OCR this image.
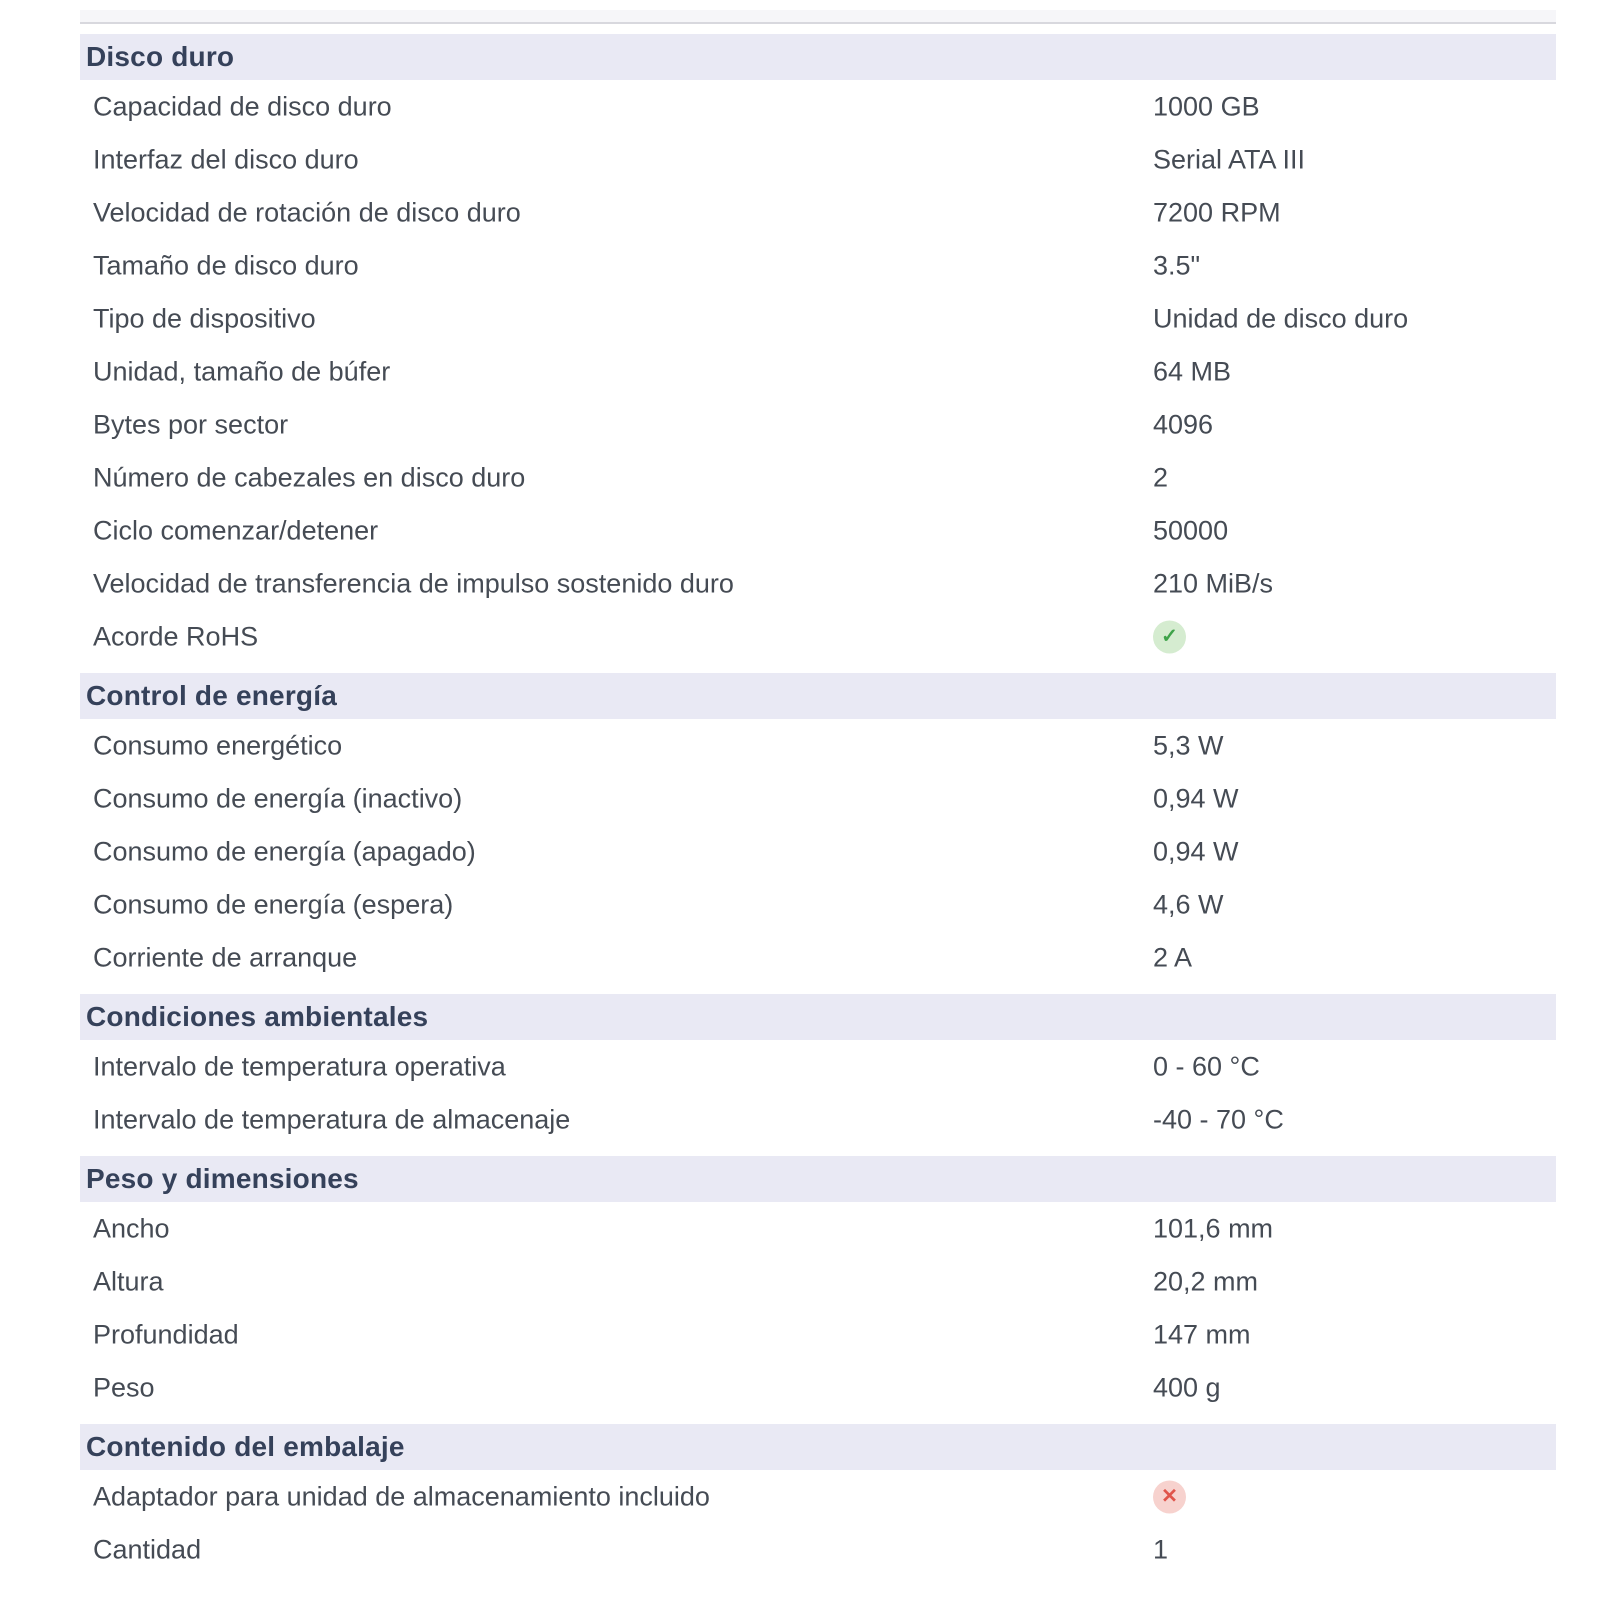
Disco duro
Capacidad de disco duro	1000 GB
Interfaz del disco duro	Serial ATA III
Velocidad de rotación de disco duro	7200 RPM
Tamaño de disco duro	3.5"
Tipo de dispositivo	Unidad de disco duro
Unidad, tamaño de búfer	64 MB
Bytes por sector	4096
Número de cabezales en disco duro	2
Ciclo comenzar/detener	50000
Velocidad de transferencia de impulso sostenido duro	210 MiB/s
Acorde RoHS	✓
Control de energía
Consumo energético	5,3 W
Consumo de energía (inactivo)	0,94 W
Consumo de energía (apagado)	0,94 W
Consumo de energía (espera)	4,6 W
Corriente de arranque	2 A
Condiciones ambientales
Intervalo de temperatura operativa	0 - 60 °C
Intervalo de temperatura de almacenaje	-40 - 70 °C
Peso y dimensiones
Ancho	101,6 mm
Altura	20,2 mm
Profundidad	147 mm
Peso	400 g
Contenido del embalaje
Adaptador para unidad de almacenamiento incluido	✕
Cantidad	1
